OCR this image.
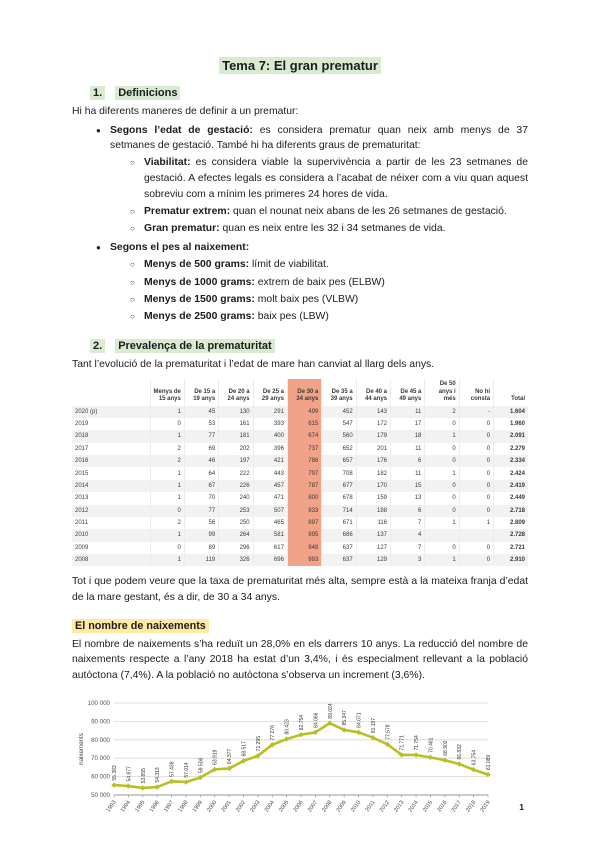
Tema 7: El gran prematur
1. Definicions

Hi ha diferents maneres de definir a un prematur:

● Segons l’edat de gestació: es considera prematur quan neix amb menys de 37 setmanes de gestació. També hi ha diferents graus de prematuritat:
○ Viabilitat: es considera viable la supervivència a partir de les 23 setmanes de gestació. A efectes legals es considera a l’acabat de néixer com a viu quan aquest sobreviu com a mínim les primeres 24 hores de vida.
○ Prematur extrem: quan el nounat neix abans de les 26 setmanes de gestació.
○ Gran prematur: quan es neix entre les 32 i 34 setmanes de vida.
● Segons el pes al naixement:
○ Menys de 500 grams: límit de viabilitat.
○ Menys de 1000 grams: extrem de baix pes (ELBW)
○ Menys de 1500 grams: molt baix pes (VLBW)
○ Menys de 2500 grams: baix pes (LBW)
2. Prevalença de la prematuritat

Tant l’evolució de la prematuritat i l’edat de mare han canviat al llarg dels anys.

	Menys de 15 anys	De 15 a 19 anys	De 20 a 24 anys	De 25 a 29 anys	De 30 a 34 anys	De 35 a 39 anys	De 40 a 44 anys	De 45 a 49 anys	De 50 anys i més	No hi consta	Total
2020 (p)	1	45	130	291	499	452	143	11	2	-	1.604
2019	0	53	161	393	615	547	172	17	0	0	1.960
2018	1	77	181	400	674	560	179	18	1	0	2.091
2017	2	69	202	396	737	652	201	11	0	0	2.279
2016	2	46	197	421	786	657	176	6	0	0	2.334
2015	1	64	222	443	797	708	182	11	1	0	2.424
2014	1	67	226	457	787	677	170	15	0	0	2.419
2013	1	70	240	471	800	678	159	13	0	0	2.449
2012	0	77	253	507	933	714	188	6	0	0	2.718
2011	2	56	250	465	897	671	116	7	1	1	2.809
2010	1	99	264	581	995	686	137	4			2.728
2009	0	89	296	617	948	637	127	7	0	0	2.721
2008	1	119	326	696	993	637	129	3	1	0	2.910

Tot i que podem veure que la taxa de prematuritat més alta, sempre està a la mateixa franja d’edat de la mare gestant, és a dir, de 30 a 34 anys.

El nombre de naixements

El nombre de naixements s’ha reduït un 28,0% en els darrers 10 anys. La reducció del nombre de naixements respecte a l’any 2018 ha estat d’un 3,4%, i és especialment rellevant a la població autòctona (7,4%). A la població no autòctona s’observa un increment (3,6%).

50 000
60 000
70 000
80 000
90 000
100 000
1993 1994 1995 1996 1997 1998 1999 2000 2001 2002 2003 2004 2005 2006 2007 2008 2009 2010 2011 2012 2013 2014 2015 2016 2017 2018 2019
naixements
55.383 54.877 53.855 54.313 57.438 57.014 59.506
63.919 64.377 68.517 71.295
77.276 80.423 82.754 84.066
89.024 85.347 84.071 81.157 77.578
71.771 71.754 70.461 68.902 66.832 63.754 61.089
1
